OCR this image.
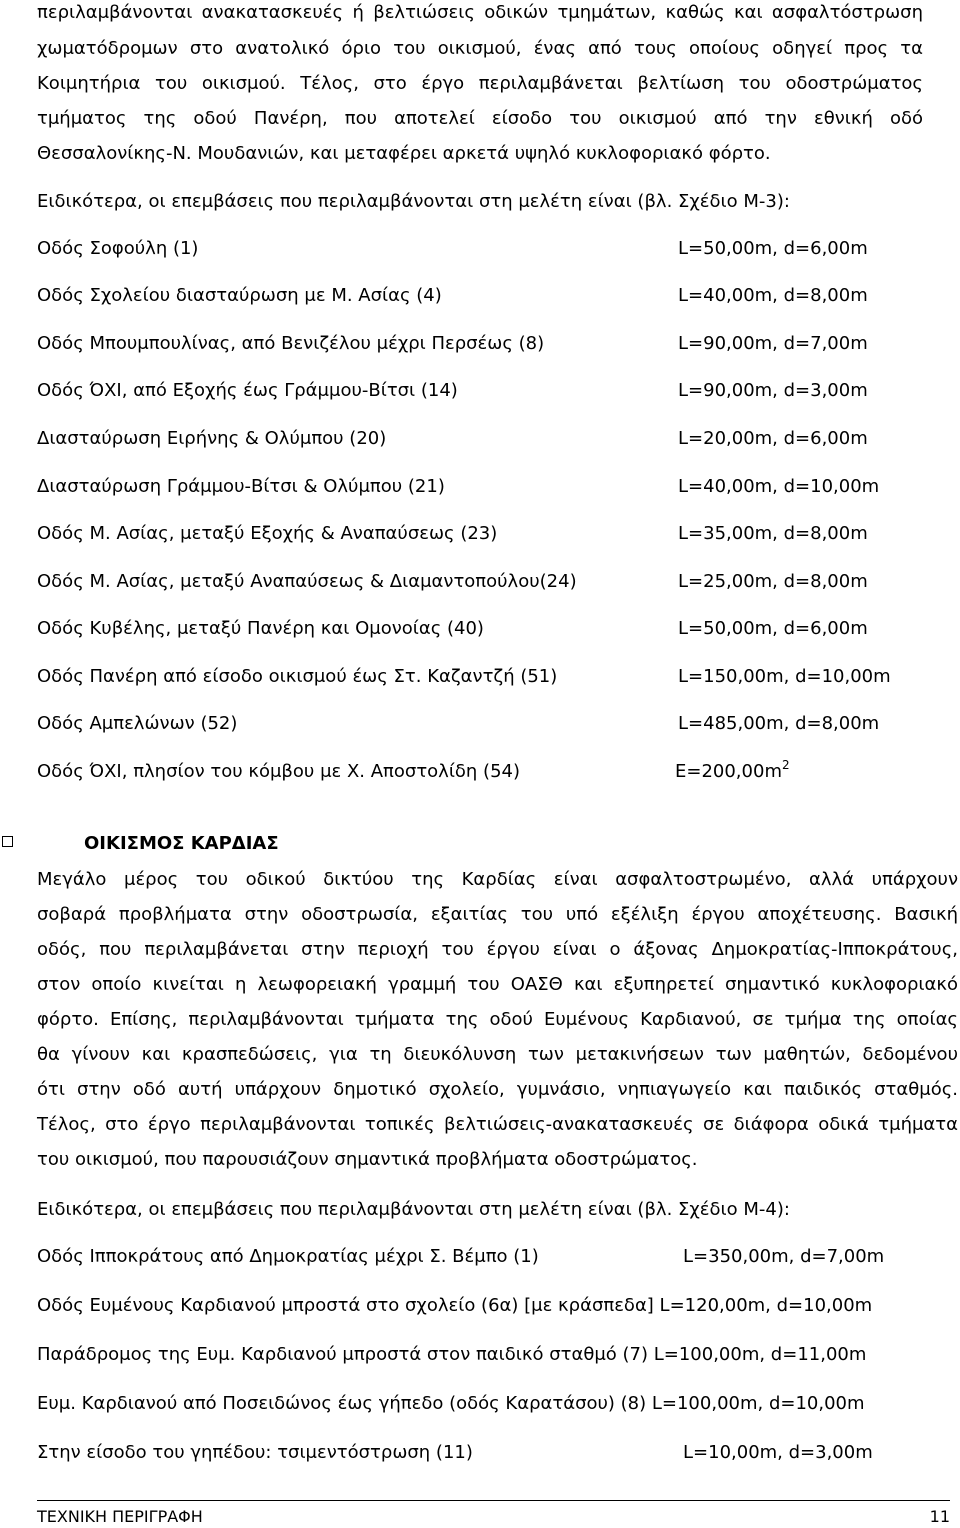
περιλαμβάνονται ανακατασκευές ή βελτιώσεις οδικών τμημάτων, καθώς και ασφαλτόστρωση
χωματόδρομων στο ανατολικό όριο του οικισμού, ένας από τους οποίους οδηγεί προς τα
Κοιμητήρια του οικισμού. Τέλος, στο έργο περιλαμβάνεται βελτίωση του οδοστρώματος
τμήματος της οδού Πανέρη, που αποτελεί είσοδο του οικισμού από την εθνική οδό
Θεσσαλονίκης-Ν. Μουδανιών, και μεταφέρει αρκετά υψηλό κυκλοφοριακό φόρτο.
Ειδικότερα, οι επεμβάσεις που περιλαμβάνονται στη μελέτη είναι (βλ. Σχέδιο Μ-3):
Οδός Σοφούλη (1)	L=50,00m, d=6,00m
Οδός Σχολείου διασταύρωση με Μ. Ασίας (4)	L=40,00m, d=8,00m
Οδός Μπουμπουλίνας, από Βενιζέλου μέχρι Περσέως (8)	L=90,00m, d=7,00m
Οδός ΌΧΙ, από Εξοχής έως Γράμμου-Βίτσι (14)	L=90,00m, d=3,00m
Διασταύρωση Ειρήνης & Ολύμπου (20)	L=20,00m, d=6,00m
Διασταύρωση Γράμμου-Βίτσι & Ολύμπου (21)	L=40,00m, d=10,00m
Οδός Μ. Ασίας, μεταξύ Εξοχής & Αναπαύσεως (23)	L=35,00m, d=8,00m
Οδός Μ. Ασίας, μεταξύ Αναπαύσεως & Διαμαντοπούλου(24)	L=25,00m, d=8,00m
Οδός Κυβέλης, μεταξύ Πανέρη και Ομονοίας (40)	L=50,00m, d=6,00m
Οδός Πανέρη από είσοδο οικισμού έως Στ. Καζαντζή (51)	L=150,00m, d=10,00m
Οδός Αμπελώνων (52)	L=485,00m, d=8,00m
Οδός ΌΧΙ, πλησίον του κόμβου με Χ. Αποστολίδη (54)	$E=200,00m^2$
ΟΙΚΙΣΜΟΣ ΚΑΡΔΙΑΣ
Μεγάλο μέρος του οδικού δικτύου της Καρδίας είναι ασφαλτοστρωμένο, αλλά υπάρχουν
σοβαρά προβλήματα στην οδοστρωσία, εξαιτίας του υπό εξέλιξη έργου αποχέτευσης. Βασική
οδός, που περιλαμβάνεται στην περιοχή του έργου είναι ο άξονας Δημοκρατίας-Ιπποκράτους,
στον οποίο κινείται η λεωφορειακή γραμμή του ΟΑΣΘ και εξυπηρετεί σημαντικό κυκλοφοριακό
φόρτο. Επίσης, περιλαμβάνονται τμήματα της οδού Ευμένους Καρδιανού, σε τμήμα της οποίας
θα γίνουν και κρασπεδώσεις, για τη διευκόλυνση των μετακινήσεων των μαθητών, δεδομένου
ότι στην οδό αυτή υπάρχουν δημοτικό σχολείο, γυμνάσιο, νηπιαγωγείο και παιδικός σταθμός.
Τέλος, στο έργο περιλαμβάνονται τοπικές βελτιώσεις-ανακατασκευές σε διάφορα οδικά τμήματα
του οικισμού, που παρουσιάζουν σημαντικά προβλήματα οδοστρώματος.
Ειδικότερα, οι επεμβάσεις που περιλαμβάνονται στη μελέτη είναι (βλ. Σχέδιο Μ-4):
Οδός Ιπποκράτους από Δημοκρατίας μέχρι Σ. Βέμπο (1)	L=350,00m, d=7,00m
Οδός Ευμένους Καρδιανού μπροστά στο σχολείο (6α) [με κράσπεδα] L=120,00m, d=10,00m
Παράδρομος της Ευμ. Καρδιανού μπροστά στον παιδικό σταθμό (7) L=100,00m, d=11,00m
Ευμ. Καρδιανού από Ποσειδώνος έως γήπεδο (οδός Καρατάσου) (8) L=100,00m, d=10,00m
Στην είσοδο του γηπέδου: τσιμεντόστρωση (11)	L=10,00m, d=3,00m
ΤΕΧΝΙΚΗ ΠΕΡΙΓΡΑΦΗ	11
